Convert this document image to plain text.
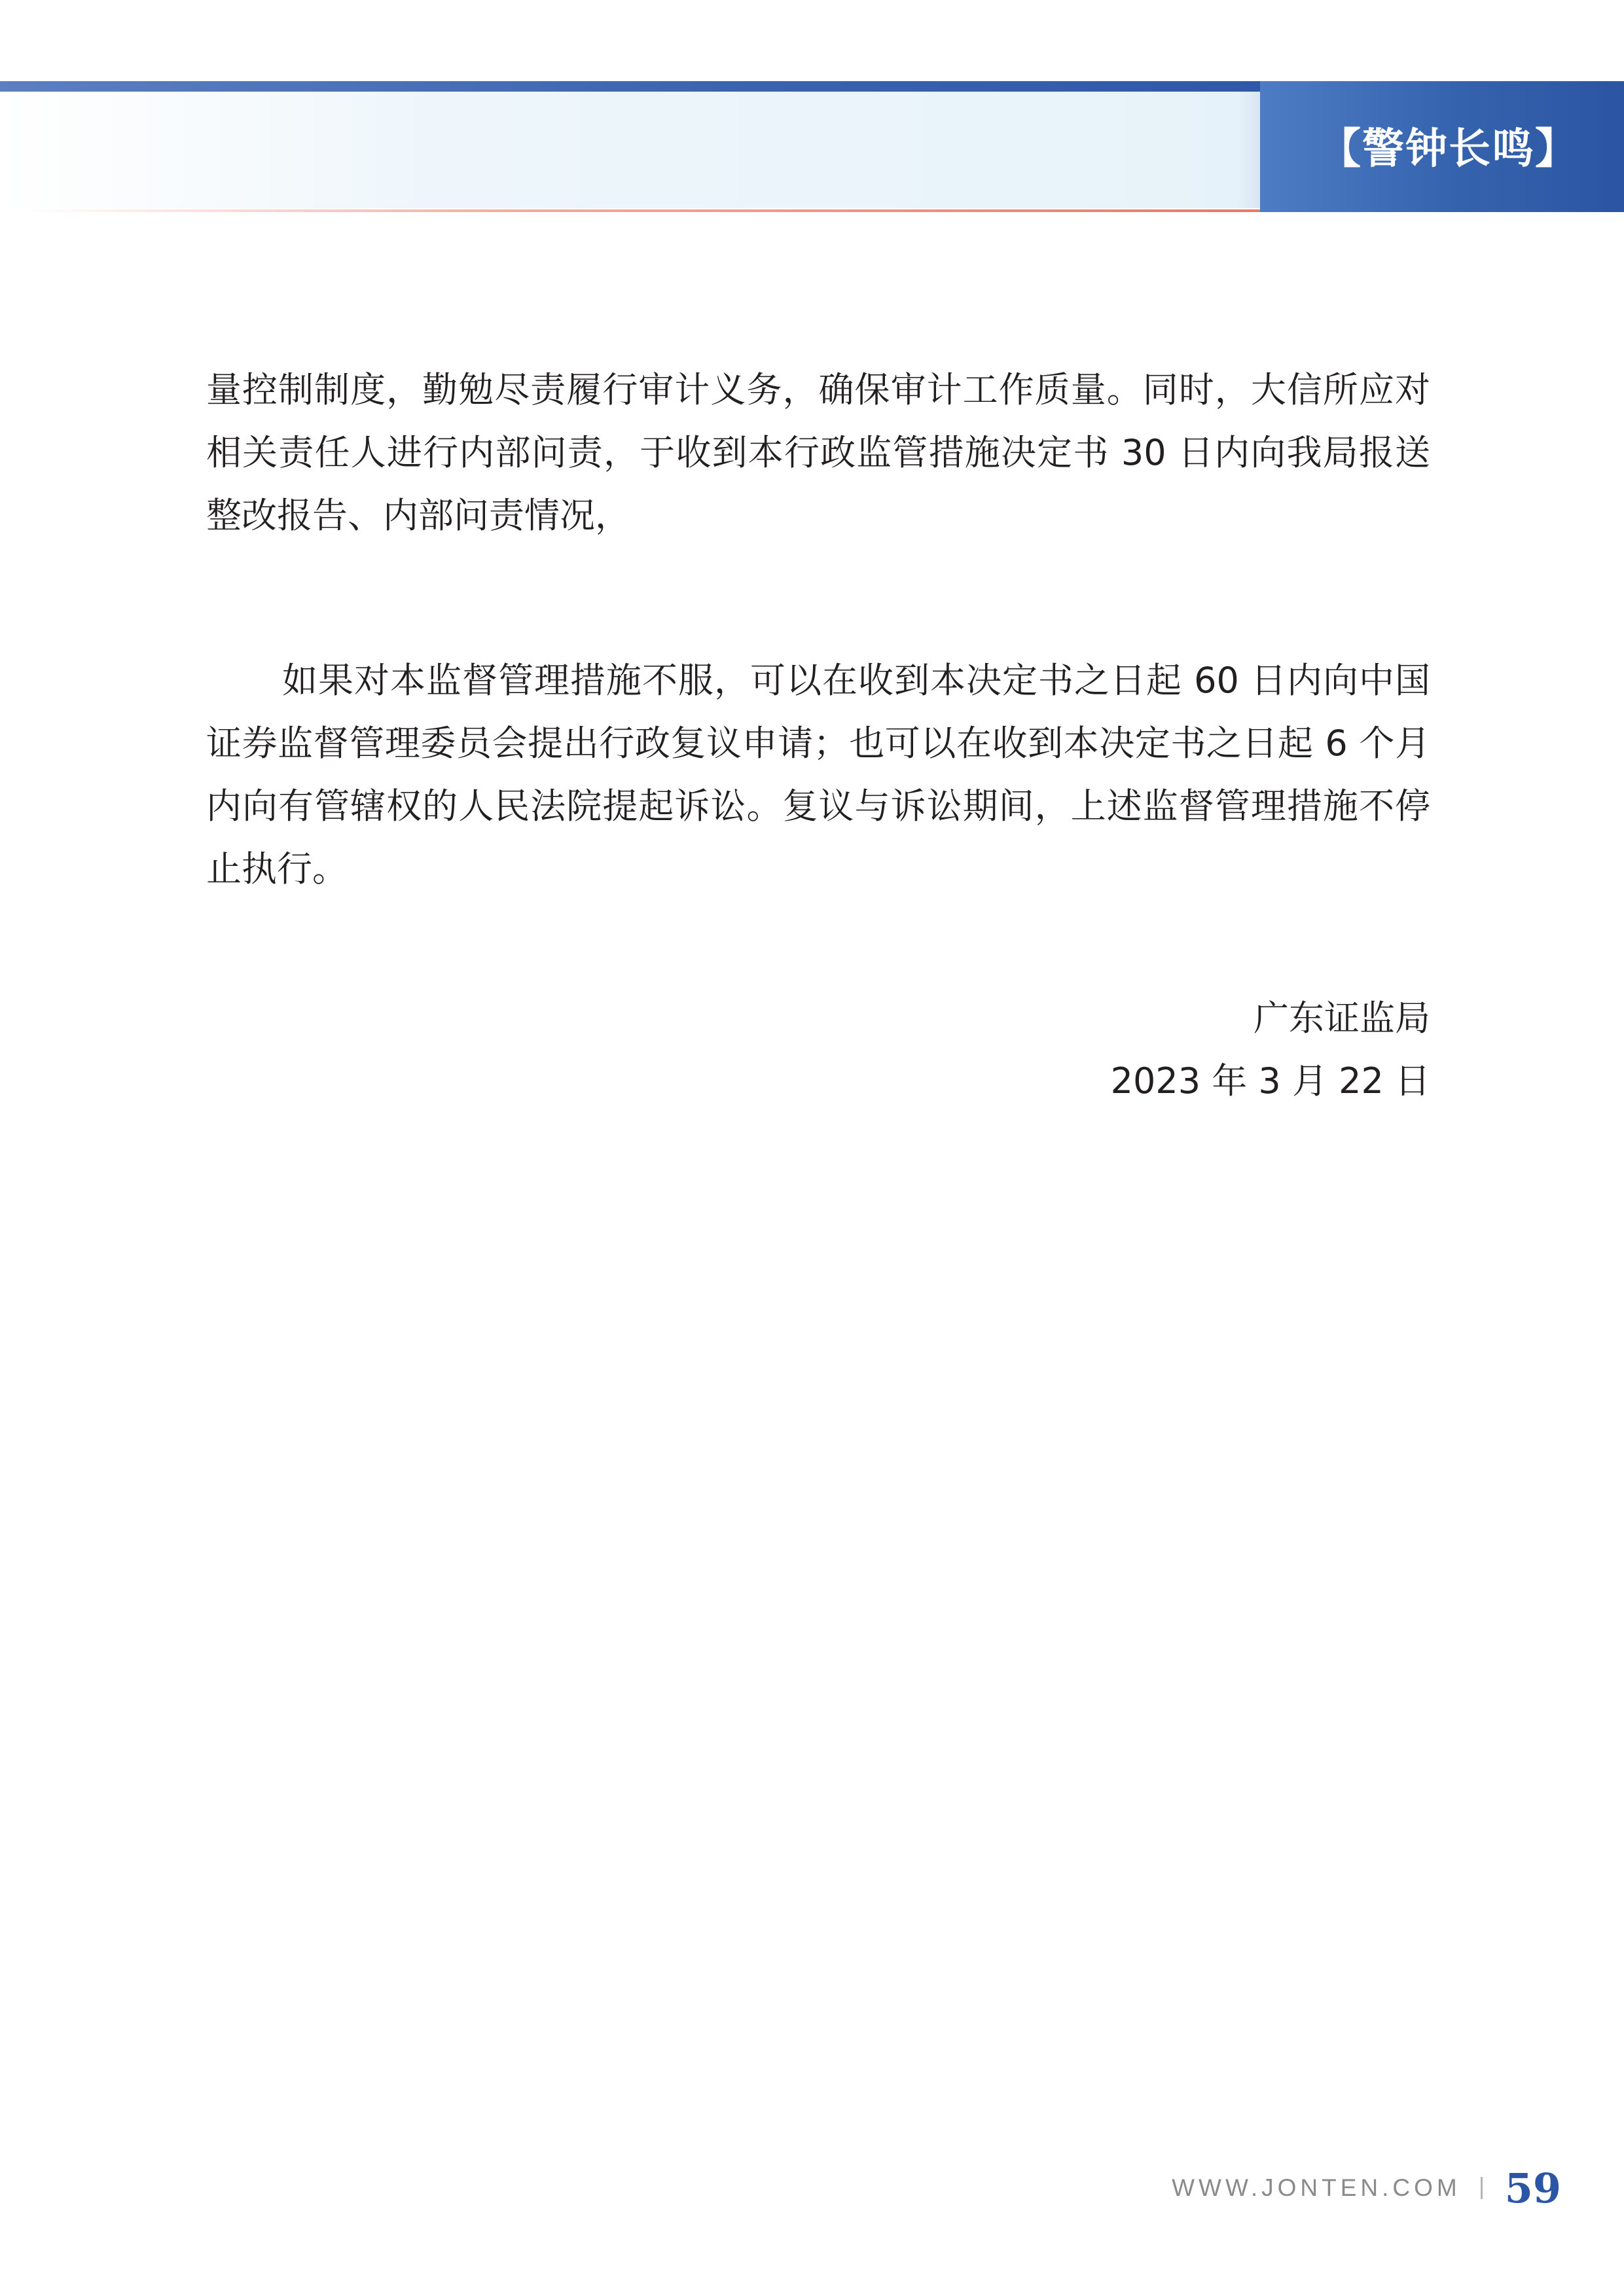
【警钟长鸣】

量控制制度，勤勉尽责履行审计义务，确保审计工作质量。同时，大信所应对相关责任人进行内部问责，于收到本行政监管措施决定书 30 日内向我局报送整改报告、内部问责情况，

如果对本监督管理措施不服，可以在收到本决定书之日起 60 日内向中国证券监督管理委员会提出行政复议申请；也可以在收到本决定书之日起 6 个月内向有管辖权的人民法院提起诉讼。复议与诉讼期间，上述监督管理措施不停止执行。

广东证监局
2023 年 3 月 22 日
WWW.JONTEN.COM 59
